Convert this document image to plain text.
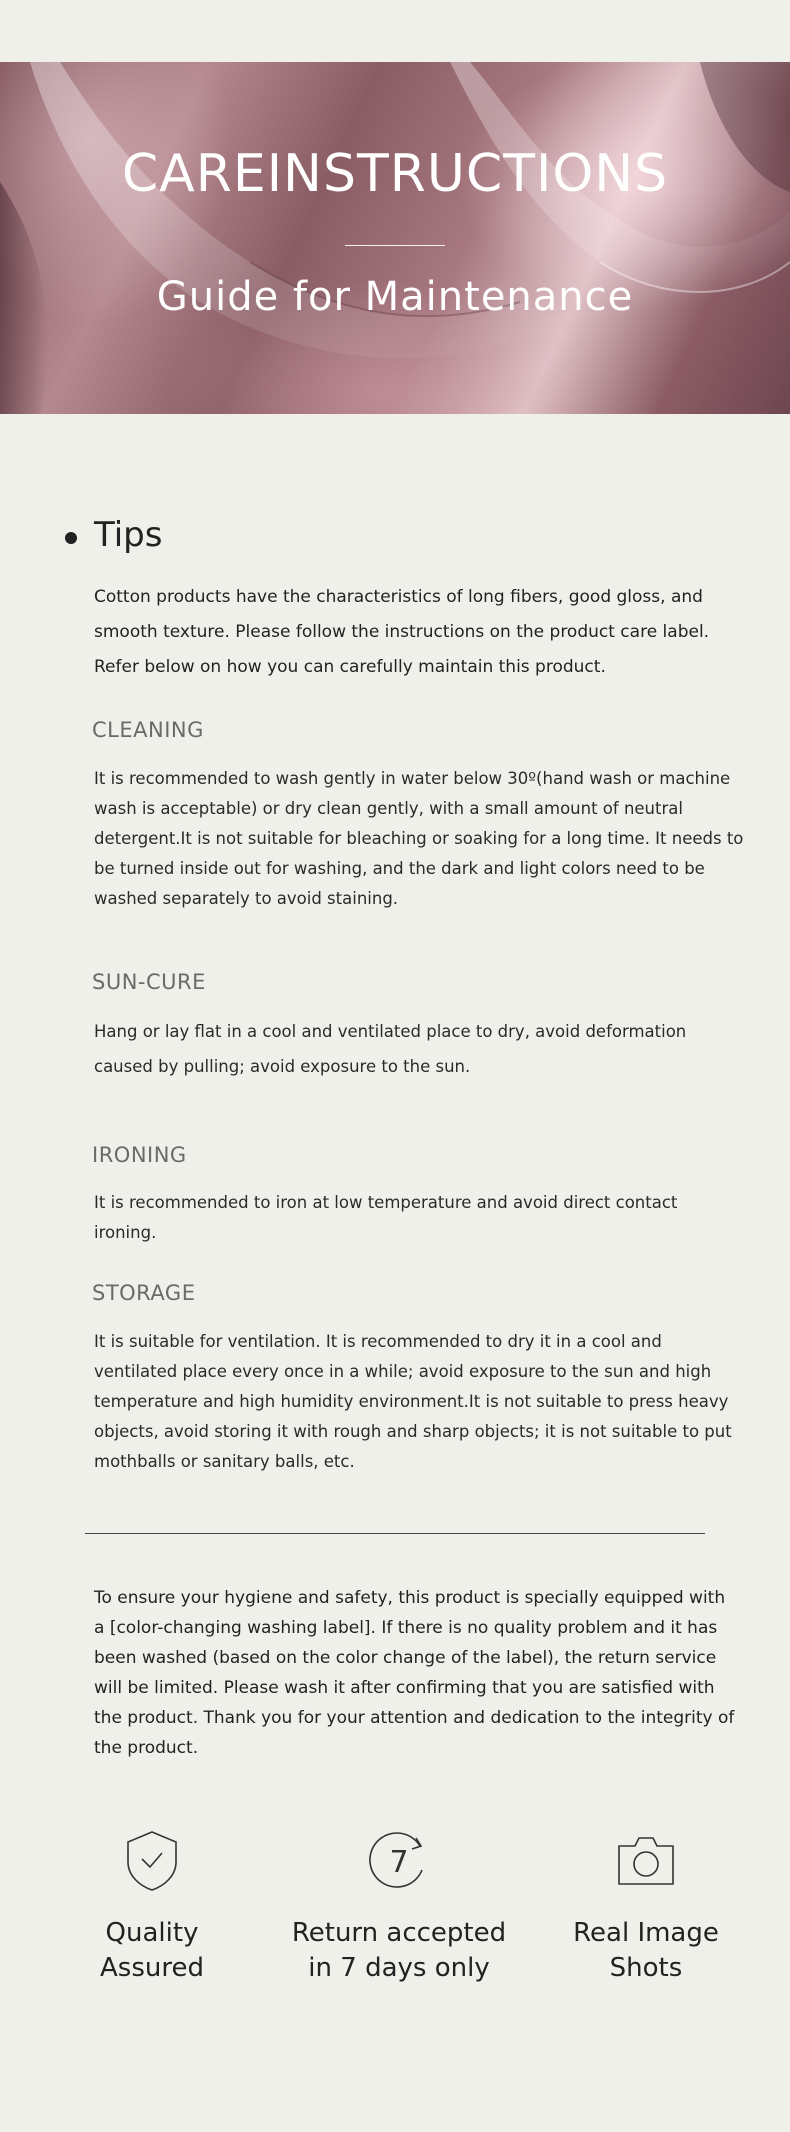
CAREINSTRUCTIONS
Guide for Maintenance
Tips
Cotton products have the characteristics of long fibers, good gloss, and smooth texture. Please follow the instructions on the product care label. Refer below on how you can carefully maintain this product.
CLEANING
It is recommended to wash gently in water below 30º(hand wash or machine wash is acceptable) or dry clean gently, with a small amount of neutral detergent.It is not suitable for bleaching or soaking for a long time. It needs to be turned inside out for washing, and the dark and light colors need to be washed separately to avoid staining.
SUN-CURE
Hang or lay flat in a cool and ventilated place to dry, avoid deformation caused by pulling; avoid exposure to the sun.
IRONING
It is recommended to iron at low temperature and avoid direct contact ironing.
STORAGE
It is suitable for ventilation. It is recommended to dry it in a cool and ventilated place every once in a while; avoid exposure to the sun and high temperature and high humidity environment.It is not suitable to press heavy objects, avoid storing it with rough and sharp objects; it is not suitable to put mothballs or sanitary balls, etc.
To ensure your hygiene and safety, this product is specially equipped with a [color-changing washing label]. If there is no quality problem and it has been washed (based on the color change of the label), the return service will be limited. Please wash it after confirming that you are satisfied with the product. Thank you for your attention and dedication to the integrity of the product.
Quality
Assured
7
Return accepted
in 7 days only
Real Image
Shots
